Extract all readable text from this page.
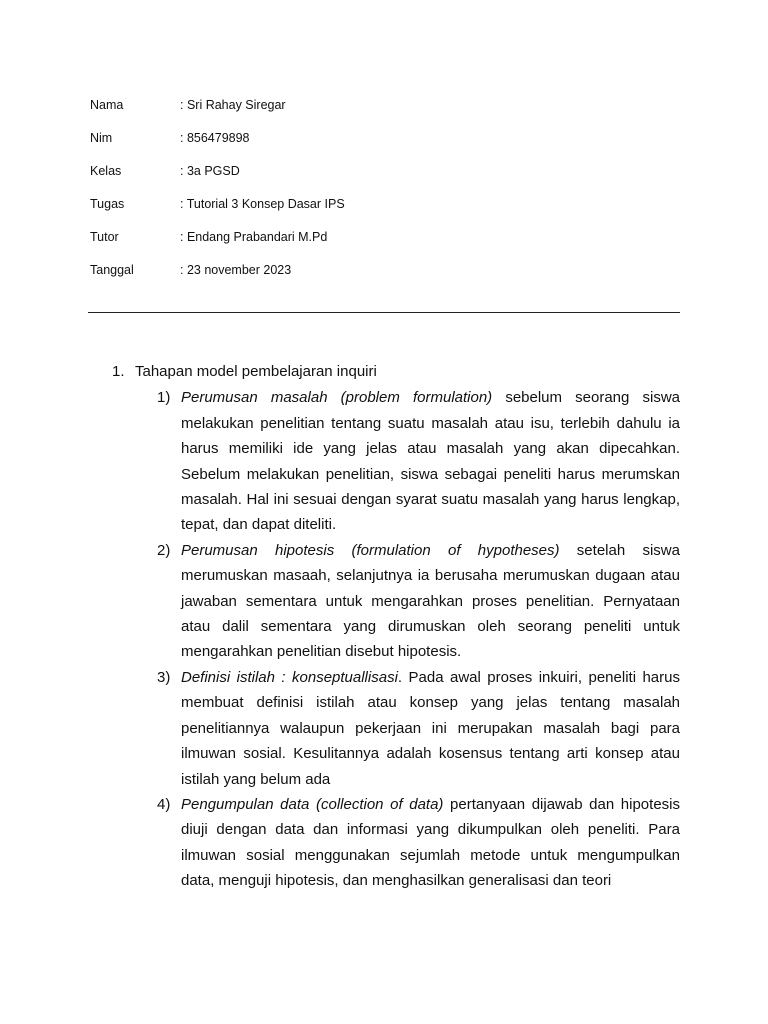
Nama	: Sri Rahay Siregar
Nim	: 856479898
Kelas	: 3a PGSD
Tugas	: Tutorial 3 Konsep Dasar IPS
Tutor	: Endang Prabandari M.Pd
Tanggal	: 23 november 2023
1. Tahapan model pembelajaran inquiri
1) Perumusan masalah (problem formulation) sebelum seorang siswa melakukan penelitian tentang suatu masalah atau isu, terlebih dahulu ia harus memiliki ide yang jelas atau masalah yang akan dipecahkan. Sebelum melakukan penelitian, siswa sebagai peneliti harus merumskan masalah. Hal ini sesuai dengan syarat suatu masalah yang harus lengkap, tepat, dan dapat diteliti.
2) Perumusan hipotesis (formulation of hypotheses) setelah siswa merumuskan masaah, selanjutnya ia berusaha merumuskan dugaan atau jawaban sementara untuk mengarahkan proses penelitian. Pernyataan atau dalil sementara yang dirumuskan oleh seorang peneliti untuk mengarahkan penelitian disebut hipotesis.
3) Definisi istilah : konseptuallisasi. Pada awal proses inkuiri, peneliti harus membuat definisi istilah atau konsep yang jelas tentang masalah penelitiannya walaupun pekerjaan ini merupakan masalah bagi para ilmuwan sosial. Kesulitannya adalah kosensus tentang arti konsep atau istilah yang belum ada
4) Pengumpulan data (collection of data) pertanyaan dijawab dan hipotesis diuji dengan data dan informasi yang dikumpulkan oleh peneliti. Para ilmuwan sosial menggunakan sejumlah metode untuk mengumpulkan data, menguji hipotesis, dan menghasilkan generalisasi dan teori
